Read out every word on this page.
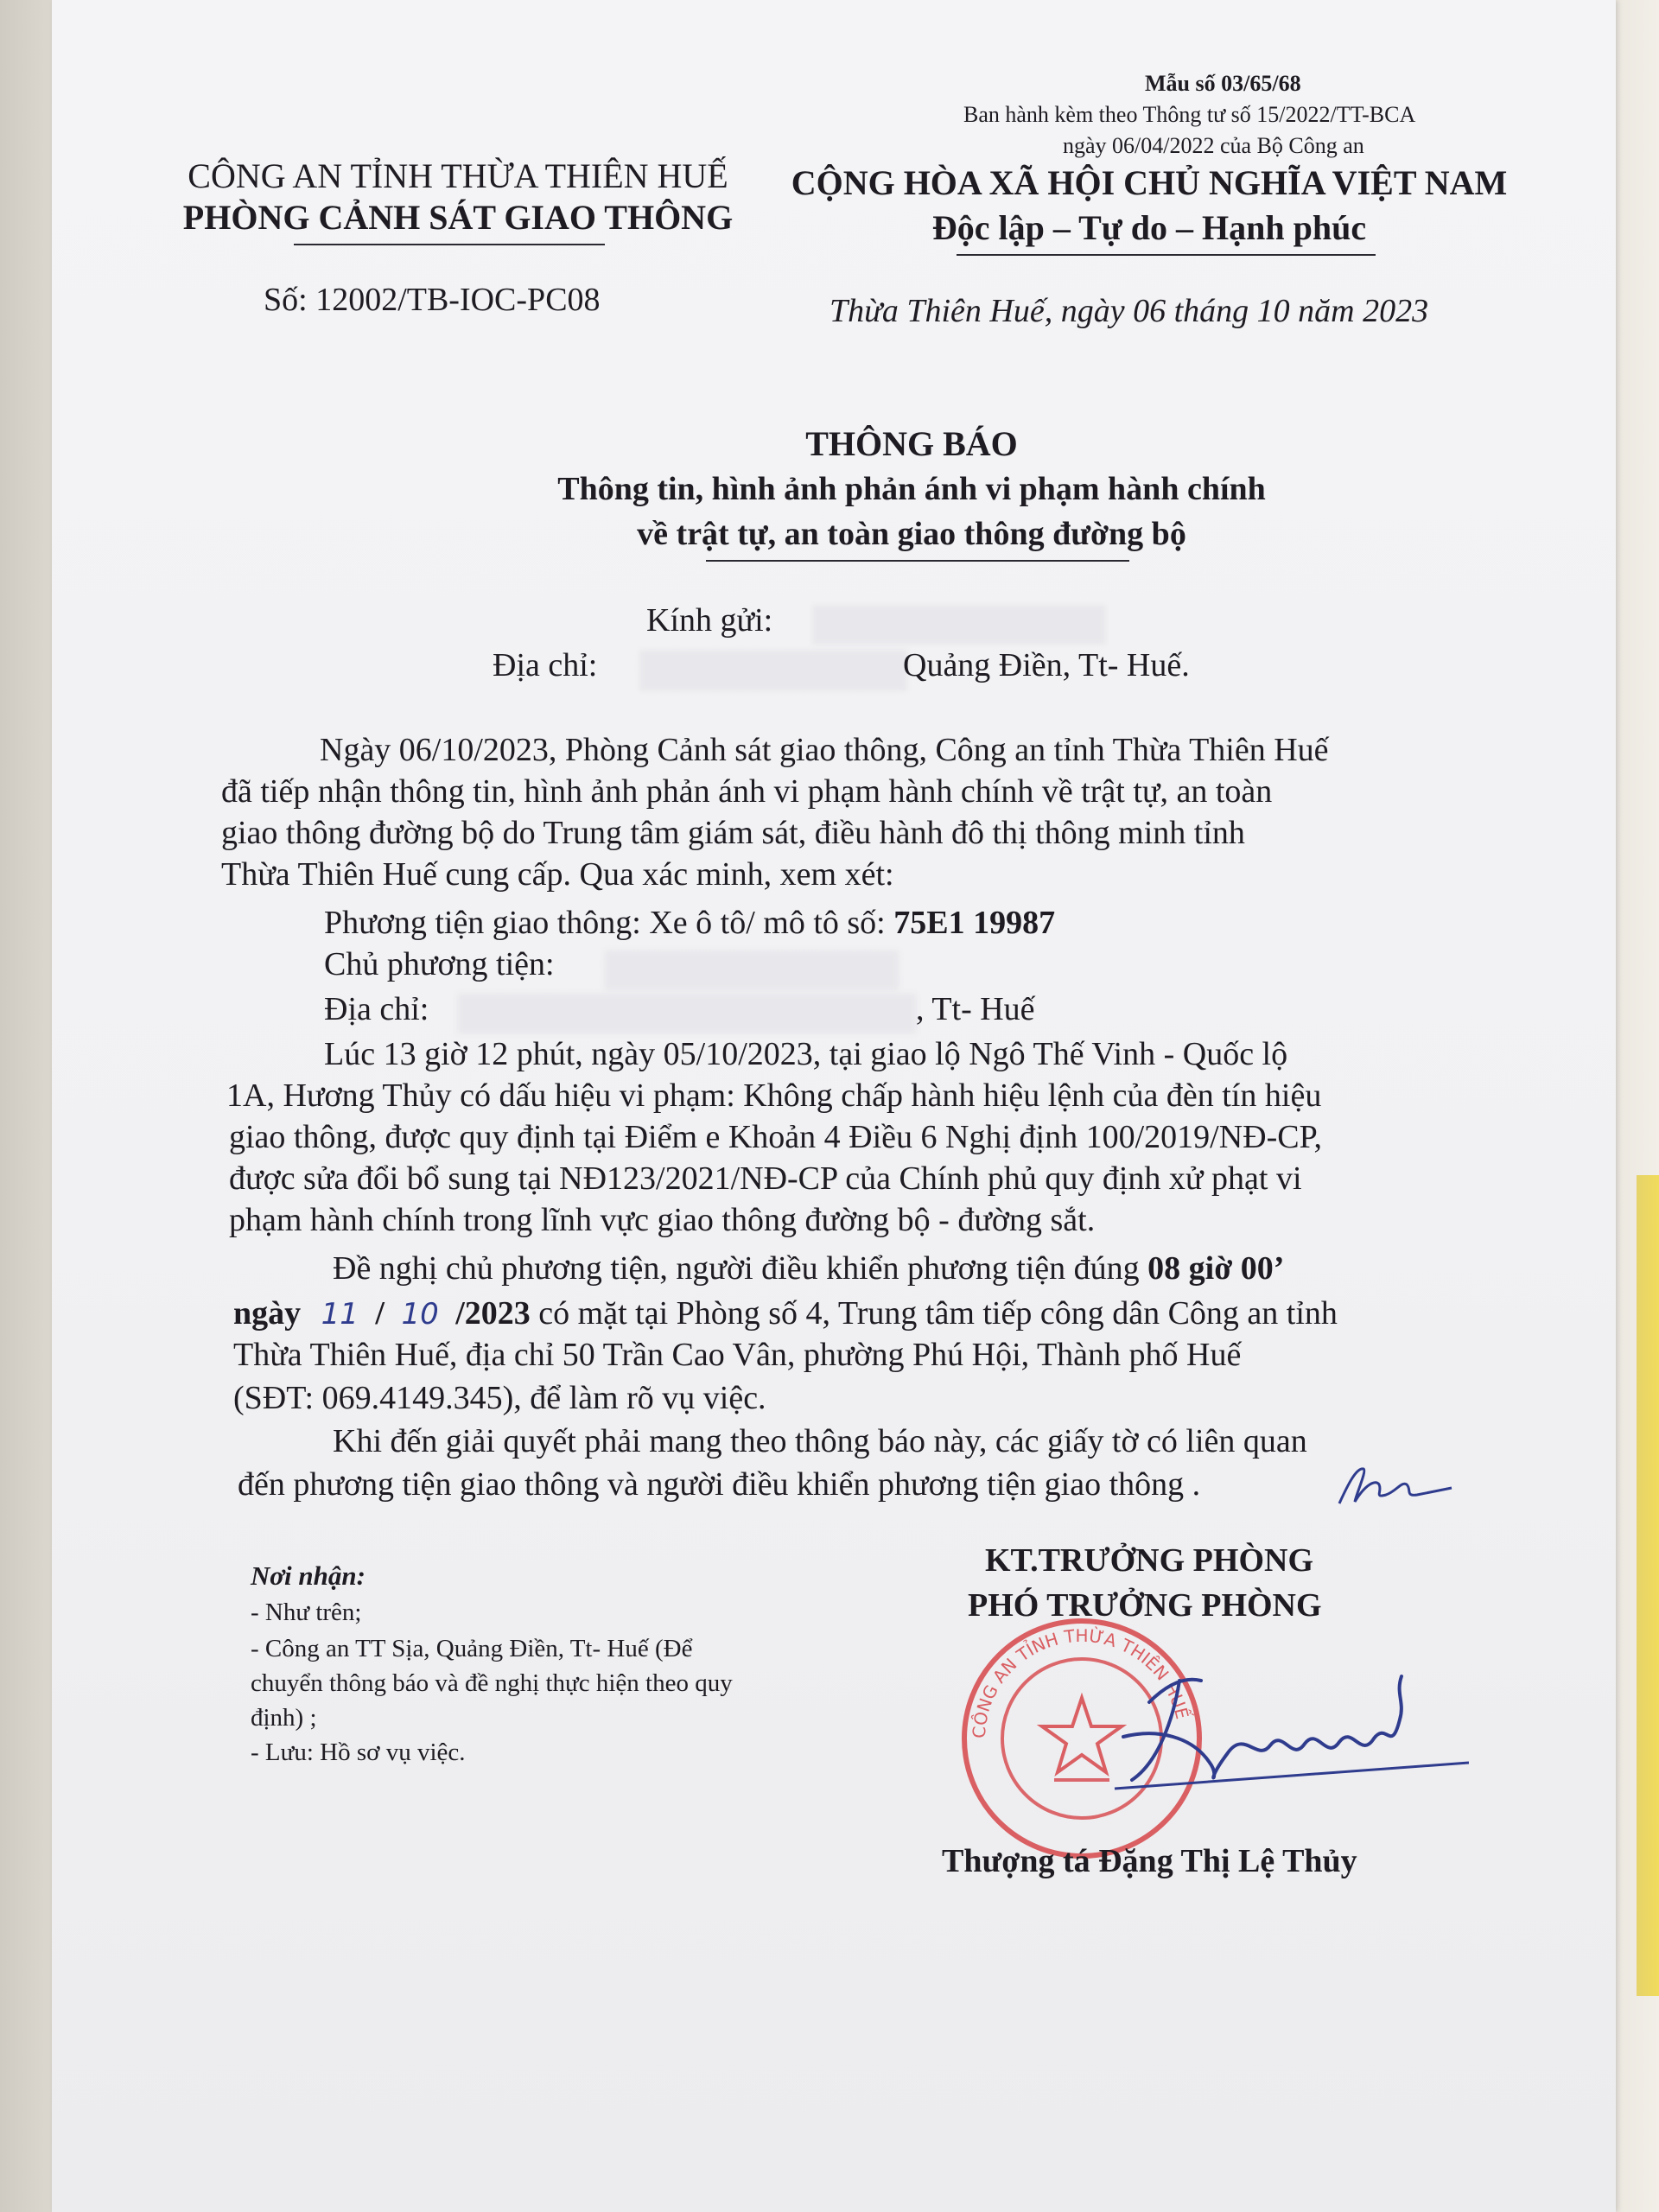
Mẫu số 03/65/68
Ban hành kèm theo Thông tư số 15/2022/TT-BCA
ngày 06/04/2022 của Bộ Công an
CÔNG AN TỈNH THỪA THIÊN HUẾ
PHÒNG CẢNH SÁT GIAO THÔNG
Số: 12002/TB-IOC-PC08
CỘNG HÒA XÃ HỘI CHỦ NGHĨA VIỆT NAM
Độc lập – Tự do – Hạnh phúc
Thừa Thiên Huế, ngày 06 tháng 10 năm 2023
THÔNG BÁO
Thông tin, hình ảnh phản ánh vi phạm hành chính
về trật tự, an toàn giao thông đường bộ
Kính gửi:
Địa chỉ:	Quảng Điền, Tt- Huế.
Ngày 06/10/2023, Phòng Cảnh sát giao thông, Công an tỉnh Thừa Thiên Huế
đã tiếp nhận thông tin, hình ảnh phản ánh vi phạm hành chính về trật tự, an toàn
giao thông đường bộ do Trung tâm giám sát, điều hành đô thị thông minh tỉnh
Thừa Thiên Huế cung cấp. Qua xác minh, xem xét:
Phương tiện giao thông: Xe ô tô/ mô tô số: 75E1 19987
Chủ phương tiện:
Địa chỉ:	, Tt- Huế
Lúc 13 giờ 12 phút, ngày 05/10/2023, tại giao lộ Ngô Thế Vinh - Quốc lộ
1A, Hương Thủy có dấu hiệu vi phạm: Không chấp hành hiệu lệnh của đèn tín hiệu
giao thông, được quy định tại Điểm e Khoản 4 Điều 6 Nghị định 100/2019/NĐ-CP,
được sửa đổi bổ sung tại NĐ123/2021/NĐ-CP của Chính phủ quy định xử phạt vi
phạm hành chính trong lĩnh vực giao thông đường bộ - đường sắt.
Đề nghị chủ phương tiện, người điều khiển phương tiện đúng 08 giờ 00’
ngày 11 / 10 /2023 có mặt tại Phòng số 4, Trung tâm tiếp công dân Công an tỉnh
Thừa Thiên Huế, địa chỉ 50 Trần Cao Vân, phường Phú Hội, Thành phố Huế
(SĐT: 069.4149.345), để làm rõ vụ việc.
Khi đến giải quyết phải mang theo thông báo này, các giấy tờ có liên quan
đến phương tiện giao thông và người điều khiển phương tiện giao thông .
Nơi nhận:
- Như trên;
- Công an TT Sịa, Quảng Điền, Tt- Huế (Để
chuyển thông báo và đề nghị thực hiện theo quy
định) ;
- Lưu: Hồ sơ vụ việc.
KT.TRƯỞNG PHÒNG
PHÓ TRƯỞNG PHÒNG
CÔNG AN TỈNH THỪA THIÊN HUẾ
Thượng tá Đặng Thị Lệ Thủy
